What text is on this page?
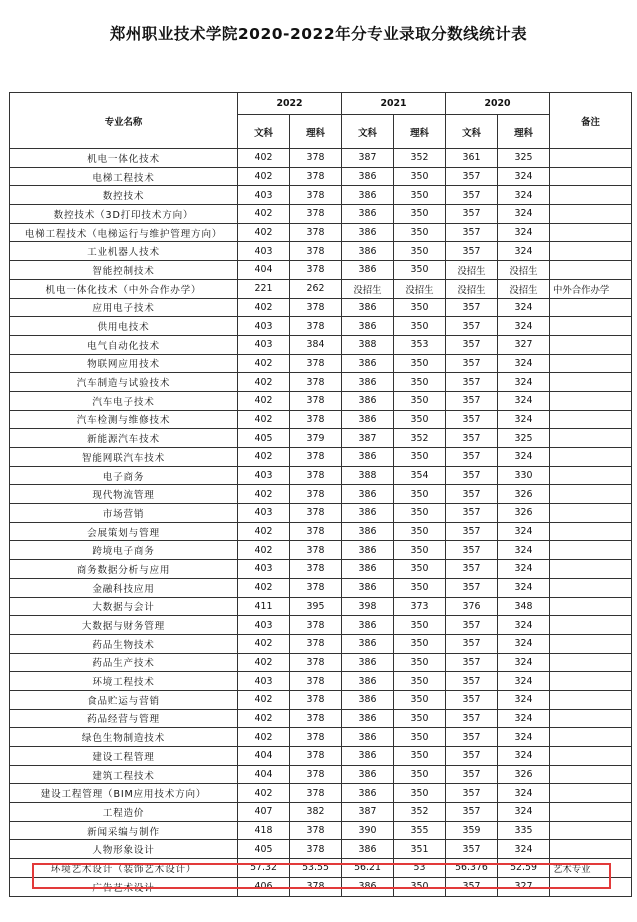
郑州职业技术学院2020-2022年分专业录取分数线统计表
专业名称	2022		2021		2020		备注
	文科	理科	文科	理科	文科	理科	
机电一体化技术	402	378	387	352	361	325	
电梯工程技术	402	378	386	350	357	324	
数控技术	403	378	386	350	357	324	
数控技术（3D打印技术方向）	402	378	386	350	357	324	
电梯工程技术（电梯运行与维护管理方向）	402	378	386	350	357	324	
工业机器人技术	403	378	386	350	357	324	
智能控制技术	404	378	386	350	没招生	没招生	
机电一体化技术（中外合作办学）	221	262	没招生	没招生	没招生	没招生	中外合作办学
应用电子技术	402	378	386	350	357	324	
供用电技术	403	378	386	350	357	324	
电气自动化技术	403	384	388	353	357	327	
物联网应用技术	402	378	386	350	357	324	
汽车制造与试验技术	402	378	386	350	357	324	
汽车电子技术	402	378	386	350	357	324	
汽车检测与维修技术	402	378	386	350	357	324	
新能源汽车技术	405	379	387	352	357	325	
智能网联汽车技术	402	378	386	350	357	324	
电子商务	403	378	388	354	357	330	
现代物流管理	402	378	386	350	357	326	
市场营销	403	378	386	350	357	326	
会展策划与管理	402	378	386	350	357	324	
跨境电子商务	402	378	386	350	357	324	
商务数据分析与应用	403	378	386	350	357	324	
金融科技应用	402	378	386	350	357	324	
大数据与会计	411	395	398	373	376	348	
大数据与财务管理	403	378	386	350	357	324	
药品生物技术	402	378	386	350	357	324	
药品生产技术	402	378	386	350	357	324	
环境工程技术	403	378	386	350	357	324	
食品贮运与营销	402	378	386	350	357	324	
药品经营与管理	402	378	386	350	357	324	
绿色生物制造技术	402	378	386	350	357	324	
建设工程管理	404	378	386	350	357	324	
建筑工程技术	404	378	386	350	357	326	
建设工程管理（BIM应用技术方向）	402	378	386	350	357	324	
工程造价	407	382	387	352	357	324	
新闻采编与制作	418	378	390	355	359	335	
人物形象设计	405	378	386	351	357	324	
环境艺术设计（装饰艺术设计）	57.32	53.55	56.21	53	56.376	52.59	艺术专业
广告艺术设计	406	378	386	350	357	327	
